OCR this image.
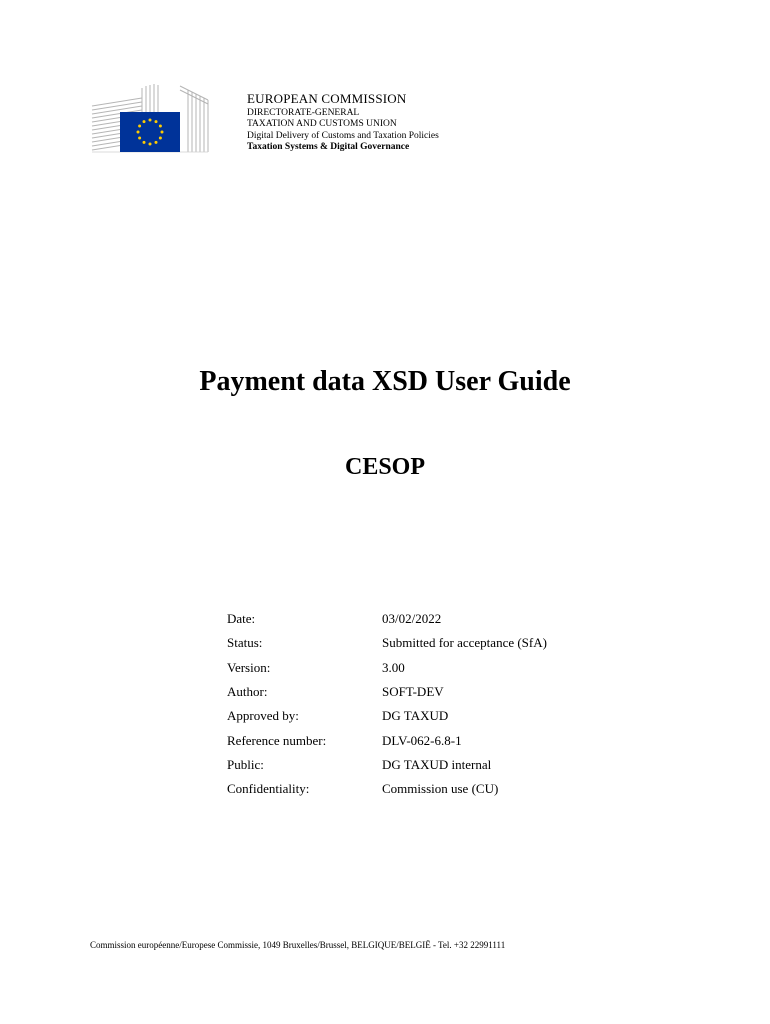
EUROPEAN COMMISSION
DIRECTORATE-GENERAL
TAXATION AND CUSTOMS UNION
Digital Delivery of Customs and Taxation Policies
Taxation Systems & Digital Governance
Payment data XSD User Guide
CESOP
Date:	03/02/2022
Status:	Submitted for acceptance (SfA)
Version:	3.00
Author:	SOFT-DEV
Approved by:	DG TAXUD
Reference number:	DLV-062-6.8-1
Public:	DG TAXUD internal
Confidentiality:	Commission use (CU)
Commission européenne/Europese Commissie, 1049 Bruxelles/Brussel, BELGIQUE/BELGIË - Tel. +32 22991111
